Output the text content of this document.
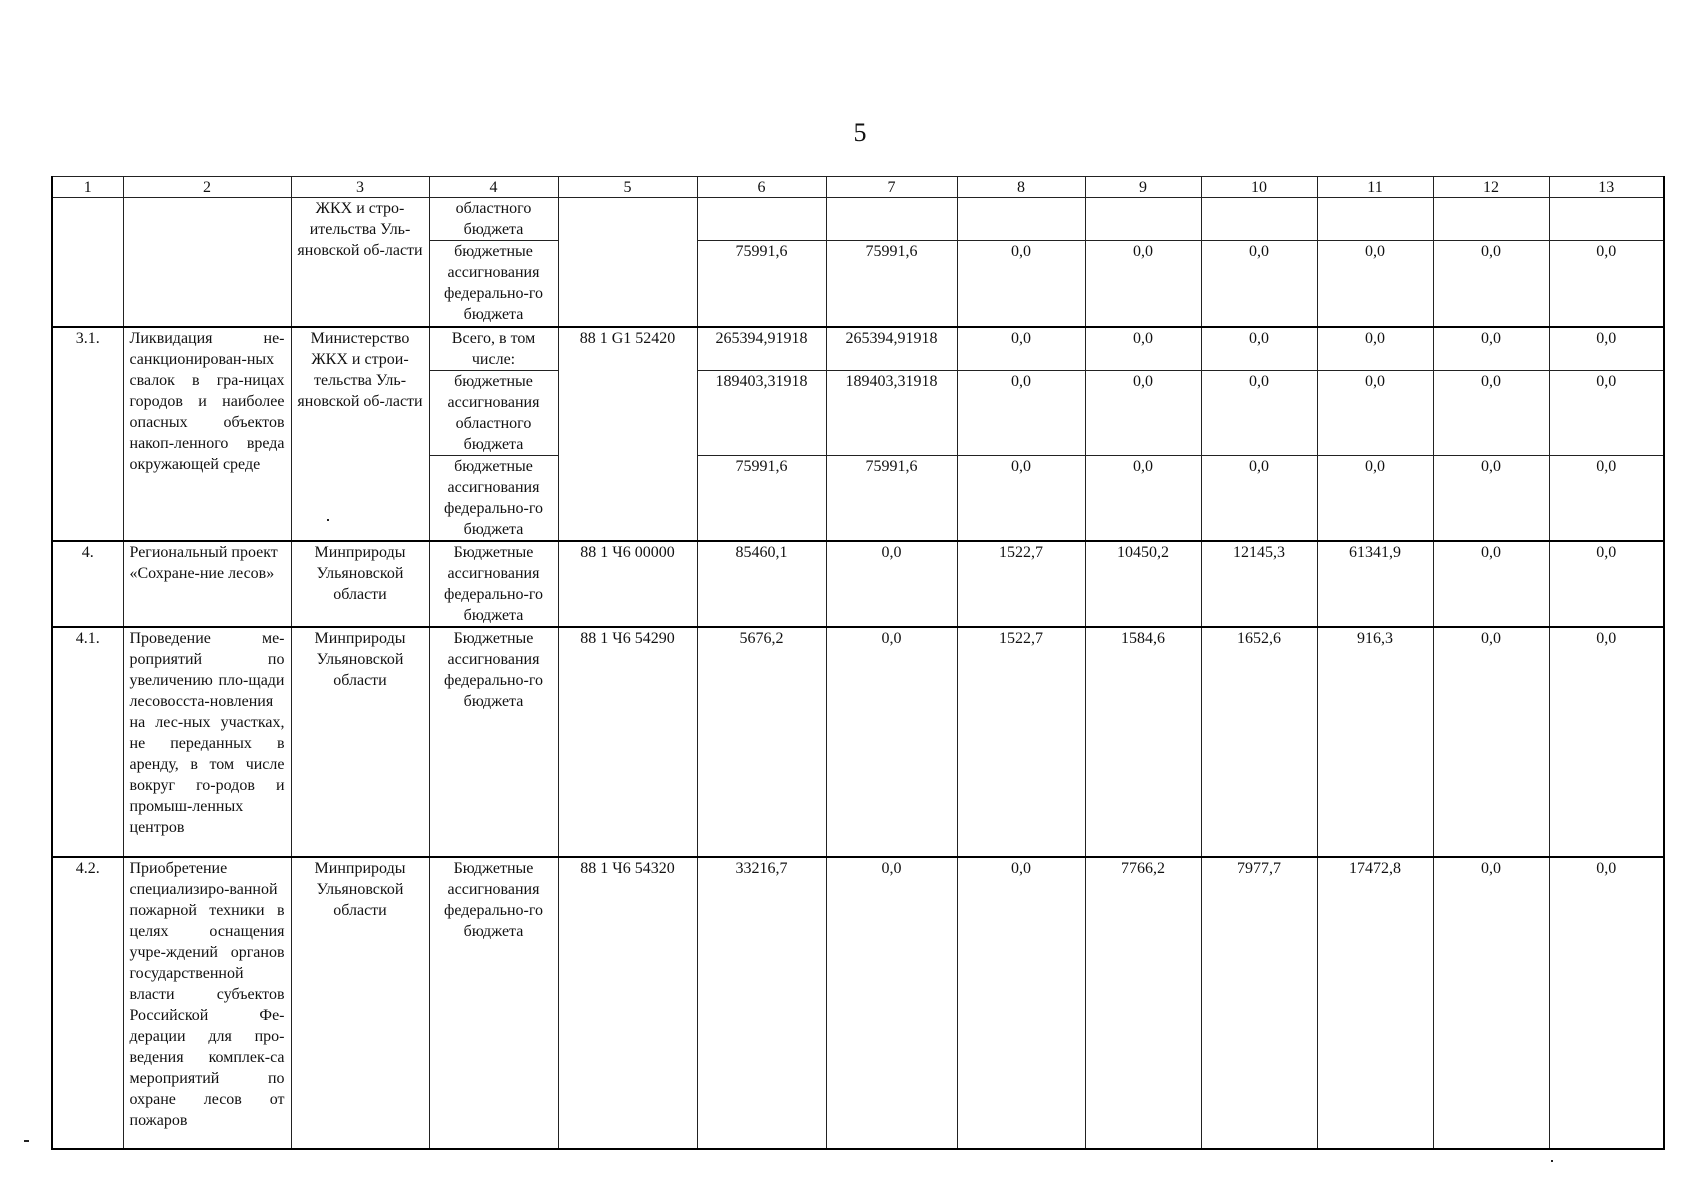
5
1	2	3	4	5	6	7	8	9	10	11	12	13
		ЖКХ и стро-ительства Уль-яновской об-ласти	областного бюджета									
			бюджетные ассигнования федерально-го бюджета		75991,6	75991,6	0,0	0,0	0,0	0,0	0,0	0,0
3.1.	Ликвидация не-санкционирован-ных свалок в гра-ницах городов и наиболее опасных объектов накоп-ленного вреда окружающей среде	Министерство ЖКХ и строи-тельства Уль-яновской об-ласти	Всего, в том числе:	88 1 G1 52420	265394,91918	265394,91918	0,0	0,0	0,0	0,0	0,0	0,0
			бюджетные ассигнования областного бюджета		189403,31918	189403,31918	0,0	0,0	0,0	0,0	0,0	0,0
			бюджетные ассигнования федерально-го бюджета		75991,6	75991,6	0,0	0,0	0,0	0,0	0,0	0,0
4.	Региональный проект «Сохране-ние лесов»	Минприроды Ульяновской области	Бюджетные ассигнования федерально-го бюджета	88 1 Ч6 00000	85460,1	0,0	1522,7	10450,2	12145,3	61341,9	0,0	0,0
4.1.	Проведение ме-роприятий по увеличению пло-щади лесовосста-новления на лес-ных участках, не переданных в аренду, в том числе вокруг го-родов и промыш-ленных центров	Минприроды Ульяновской области	Бюджетные ассигнования федерально-го бюджета	88 1 Ч6 54290	5676,2	0,0	1522,7	1584,6	1652,6	916,3	0,0	0,0
4.2.	Приобретение специализиро-ванной пожарной техники в целях оснащения учре-ждений органов государственной власти субъектов Российской Фе-дерации для про-ведения комплек-са мероприятий по охране лесов от пожаров	Минприроды Ульяновской области	Бюджетные ассигнования федерально-го бюджета	88 1 Ч6 54320	33216,7	0,0	0,0	7766,2	7977,7	17472,8	0,0	0,0
